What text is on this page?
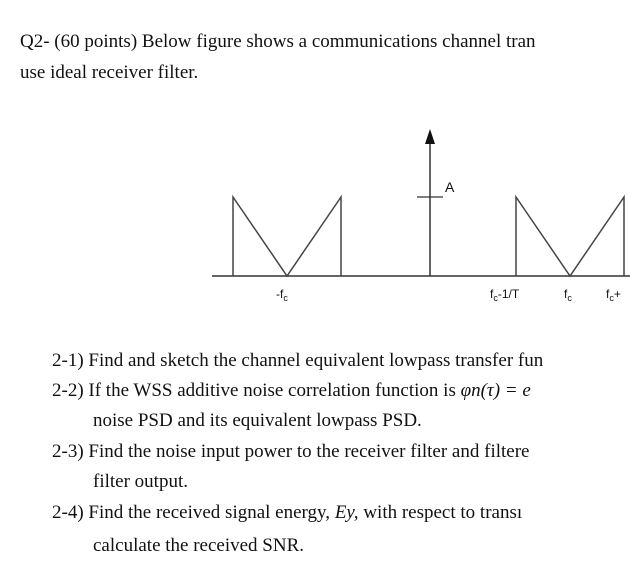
Q2- (60 points) Below figure shows a communications channel tran
use ideal receiver filter.
A
$-f_c$	$f_c-1/T$	$f_c$	$f_c+$
2-1) Find and sketch the channel equivalent lowpass transfer fun
2-2) If the WSS additive noise correlation function is φn(τ) = e
noise PSD and its equivalent lowpass PSD.
2-3) Find the noise input power to the receiver filter and filtere
filter output.
2-4) Find the received signal energy, Ey, with respect to transı
calculate the received SNR.
